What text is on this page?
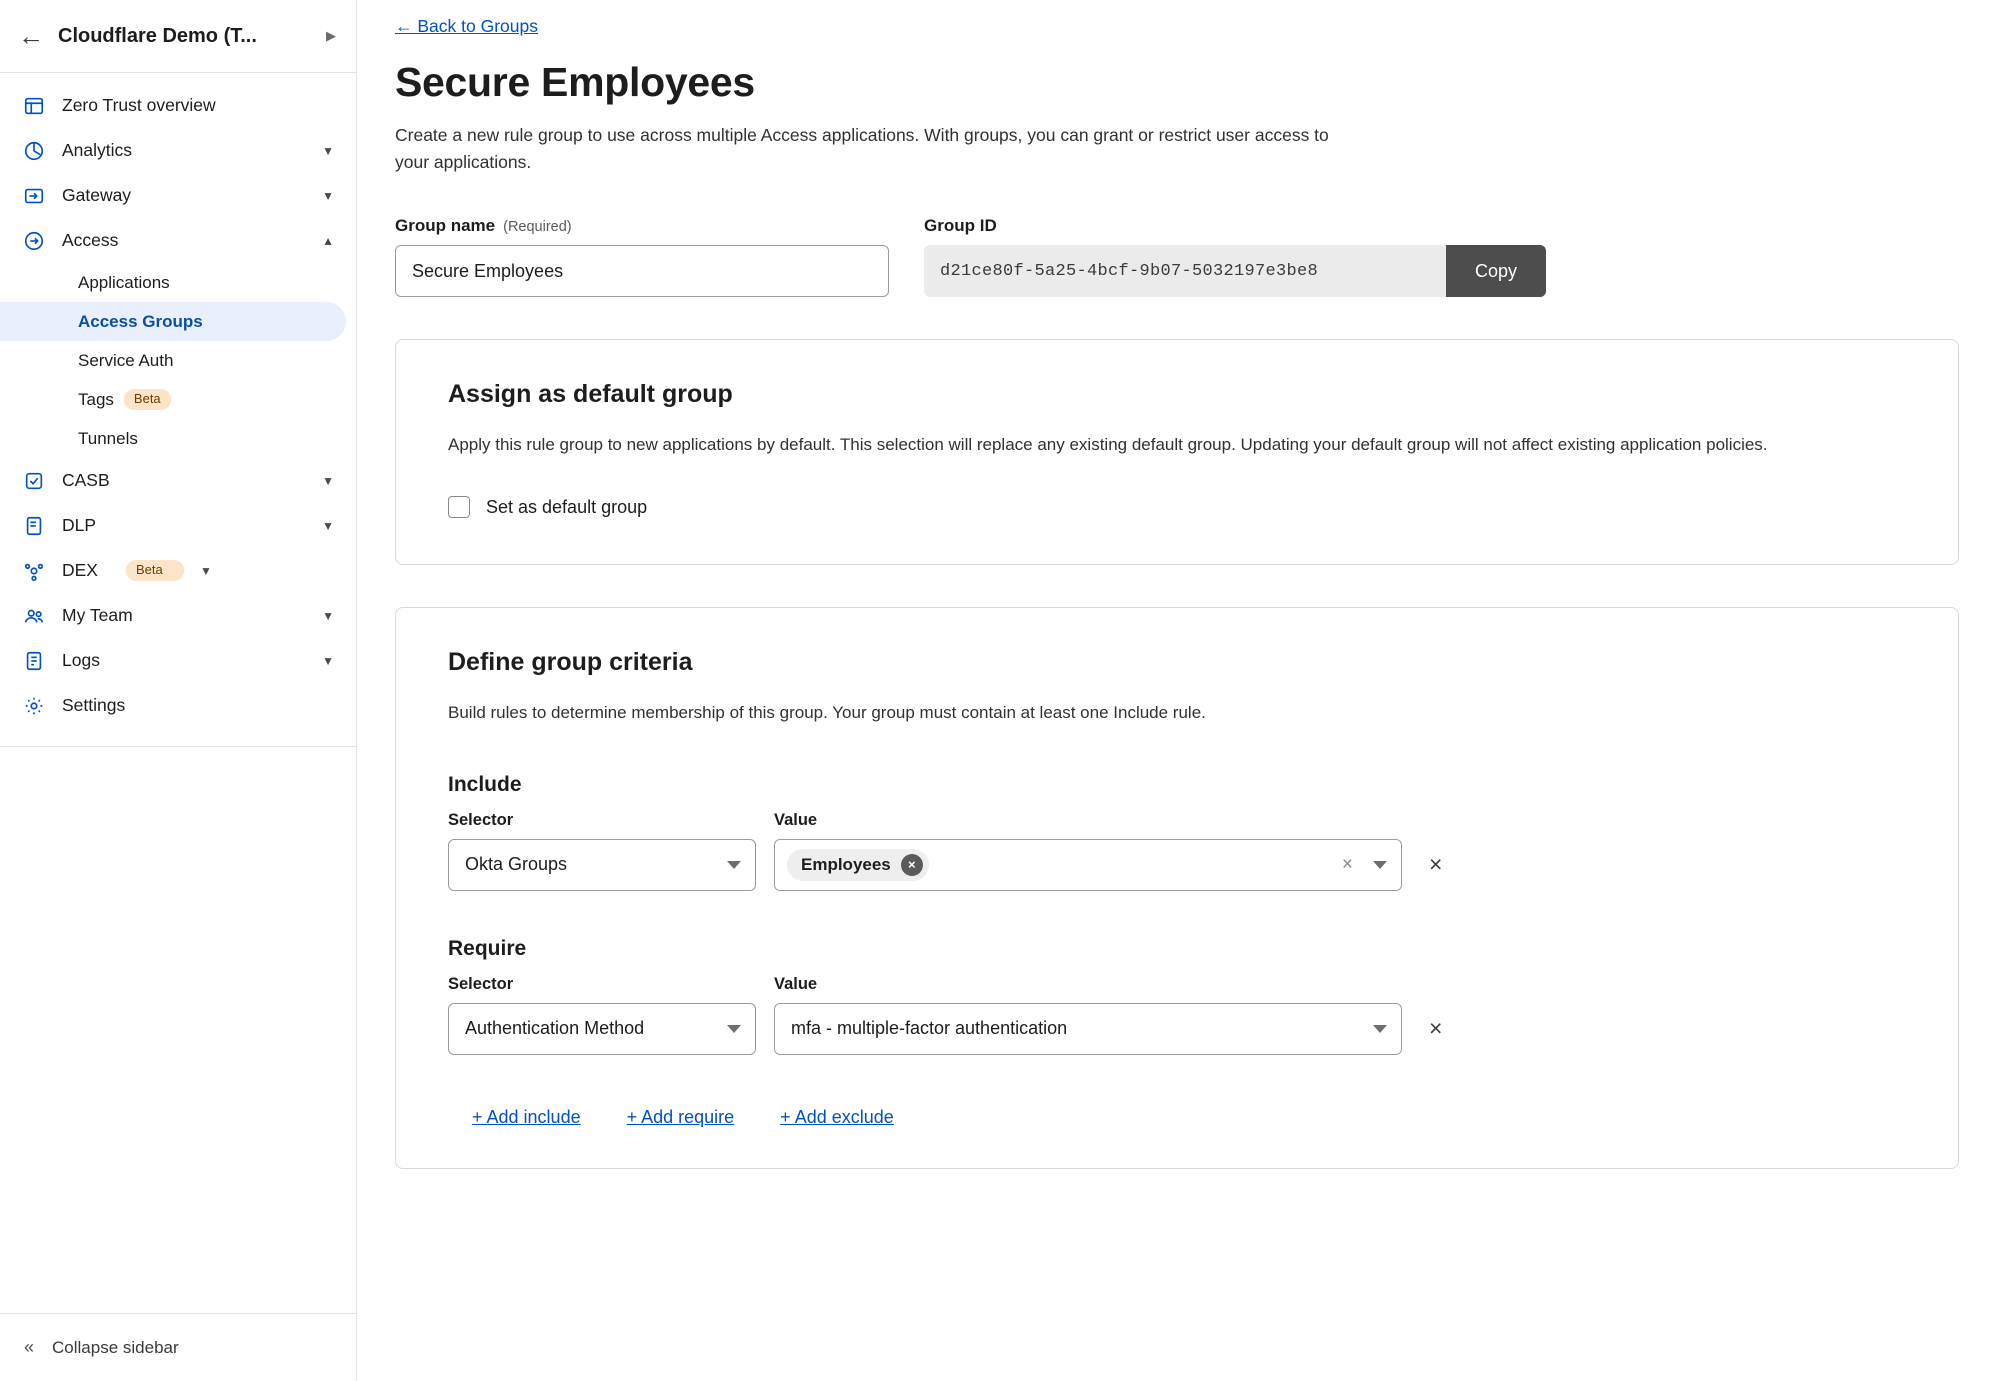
← Cloudflare Demo (T...	▶
Zero Trust overview
Analytics	▼
Gateway	▼
Access	▲
Applications
Access Groups
Service Auth
Tags	Beta
Tunnels
CASB	▼
DLP	▼
DEX	Beta	▼
My Team	▼
Logs	▼
Settings
« Collapse sidebar
← Back to Groups
Secure Employees

Create a new rule group to use across multiple Access applications. With groups, you can grant or restrict user access to your applications.

Group name (Required)
Secure Employees	Group ID
d21ce80f-5a25-4bcf-9b07-5032197e3be8
Copy
Assign as default group

Apply this rule group to new applications by default. This selection will replace any existing default group. Updating your default group will not affect existing application policies.

Set as default group
Define group criteria

Build rules to determine membership of this group. Your group must contain at least one Include rule.

Include
Selector
Okta Groups
Value
Employees	×	×	×
Require
Selector
Authentication Method
Value
mfa - multiple-factor authentication	×
+ Add include	+ Add require	+ Add exclude
